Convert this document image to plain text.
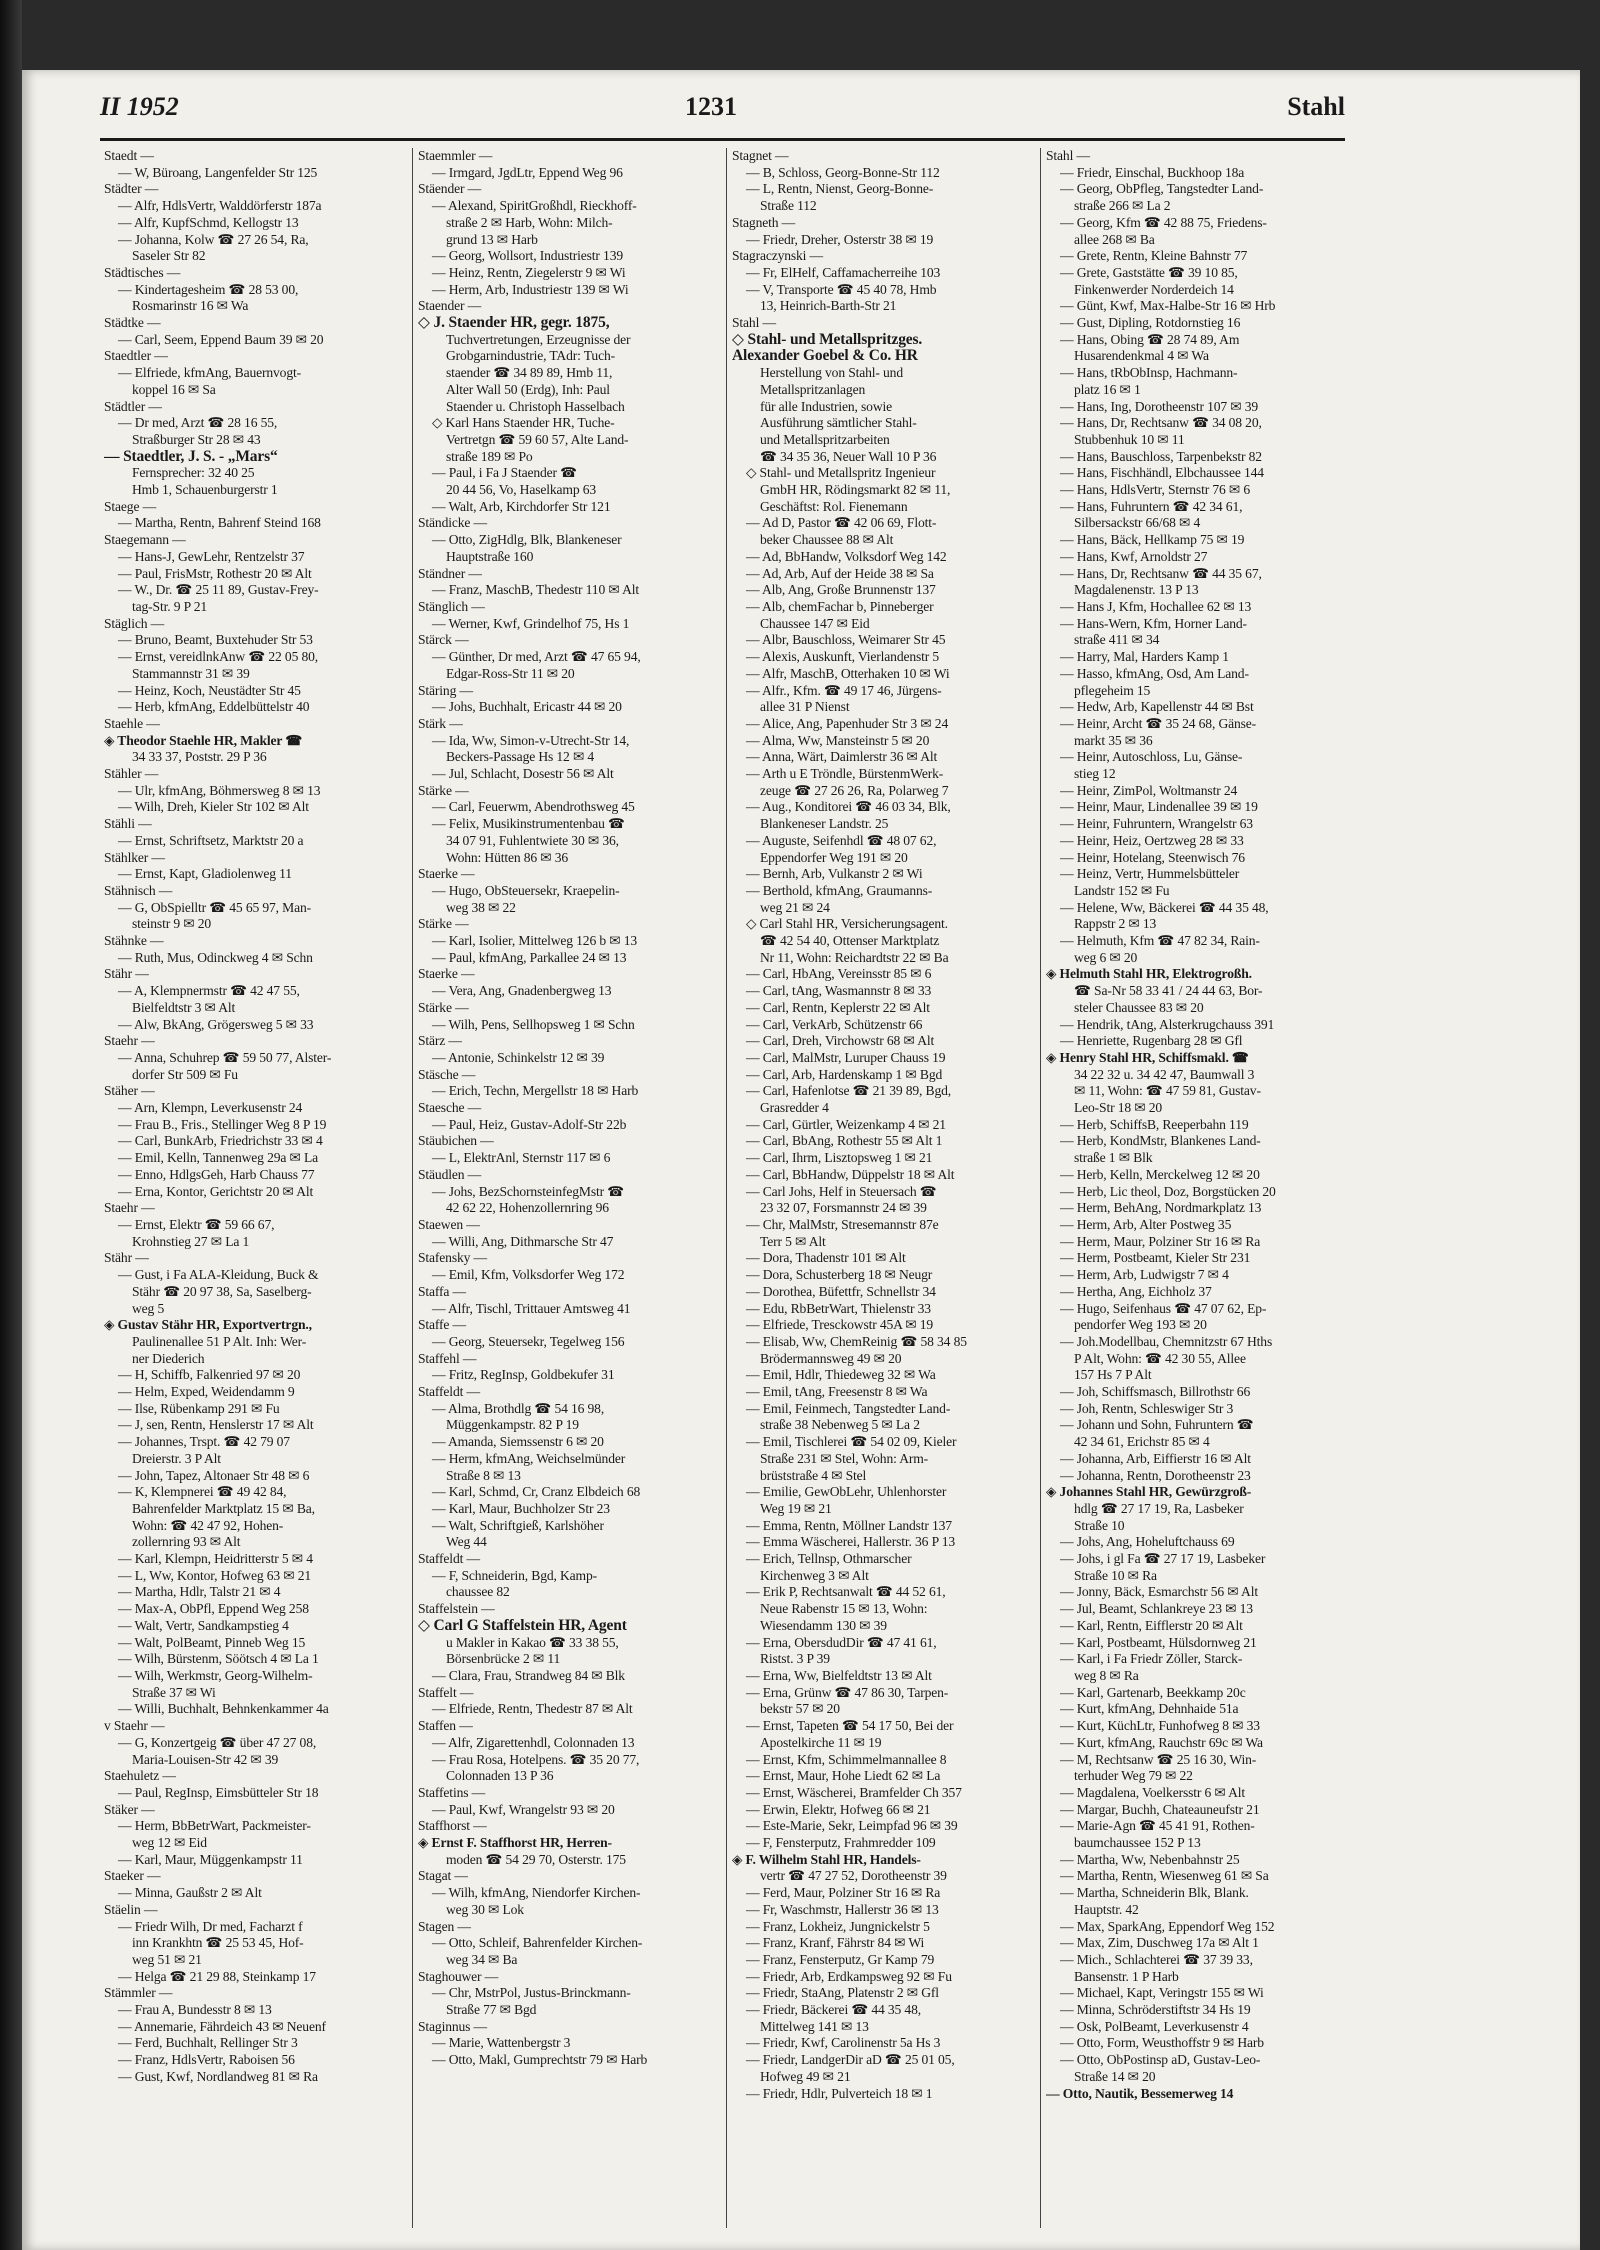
II 1952	1231	Stahl
Staedt —
— W, Büroang, Langenfelder Str 125
Städter —
— Alfr, HdlsVertr, Walddörferstr 187a
— Alfr, KupfSchmd, Kellogstr 13
— Johanna, Kolw ☎ 27 26 54, Ra,
Saseler Str 82
Städtisches —
— Kindertagesheim ☎ 28 53 00,
Rosmarinstr 16 ✉ Wa
Städtke —
— Carl, Seem, Eppend Baum 39 ✉ 20
Staedtler —
— Elfriede, kfmAng, Bauernvogt-
koppel 16 ✉ Sa
Städtler —
— Dr med, Arzt ☎ 28 16 55,
Straßburger Str 28 ✉ 43
— Staedtler, J. S. - „Mars“
Fernsprecher: 32 40 25
Hmb 1, Schauenburgerstr 1
Staege —
— Martha, Rentn, Bahrenf Steind 168
Staegemann —
— Hans-J, GewLehr, Rentzelstr 37
— Paul, FrisMstr, Rothestr 20 ✉ Alt
— W., Dr. ☎ 25 11 89, Gustav-Frey-
tag-Str. 9 P 21
Stäglich —
— Bruno, Beamt, Buxtehuder Str 53
— Ernst, vereidlnkAnw ☎ 22 05 80,
Stammannstr 31 ✉ 39
— Heinz, Koch, Neustädter Str 45
— Herb, kfmAng, Eddelbüttelstr 40
Staehle —
◈ Theodor Staehle HR, Makler ☎
34 33 37, Poststr. 29 P 36
Stähler —
— Ulr, kfmAng, Böhmersweg 8 ✉ 13
— Wilh, Dreh, Kieler Str 102 ✉ Alt
Stähli —
— Ernst, Schriftsetz, Marktstr 20 a
Stählker —
— Ernst, Kapt, Gladiolenweg 11
Stähnisch —
— G, ObSpielltr ☎ 45 65 97, Man-
steinstr 9 ✉ 20
Stähnke —
— Ruth, Mus, Odinckweg 4 ✉ Schn
Stähr —
— A, Klempnermstr ☎ 42 47 55,
Bielfeldtstr 3 ✉ Alt
— Alw, BkAng, Grögersweg 5 ✉ 33
Staehr —
— Anna, Schuhrep ☎ 59 50 77, Alster-
dorfer Str 509 ✉ Fu
Stäher —
— Arn, Klempn, Leverkusenstr 24
— Frau B., Fris., Stellinger Weg 8 P 19
— Carl, BunkArb, Friedrichstr 33 ✉ 4
— Emil, Kelln, Tannenweg 29a ✉ La
— Enno, HdlgsGeh, Harb Chauss 77
— Erna, Kontor, Gerichtstr 20 ✉ Alt
Staehr —
— Ernst, Elektr ☎ 59 66 67,
Krohnstieg 27 ✉ La 1
Stähr —
— Gust, i Fa ALA-Kleidung, Buck &
Stähr ☎ 20 97 38, Sa, Saselberg-
weg 5
◈ Gustav Stähr HR, Exportvertrgn.,
Paulinenallee 51 P Alt. Inh: Wer-
ner Diederich
— H, Schiffb, Falkenried 97 ✉ 20
— Helm, Exped, Weidendamm 9
— Ilse, Rübenkamp 291 ✉ Fu
— J, sen, Rentn, Henslerstr 17 ✉ Alt
— Johannes, Trspt. ☎ 42 79 07
Dreierstr. 3 P Alt
— John, Tapez, Altonaer Str 48 ✉ 6
— K, Klempnerei ☎ 49 42 84,
Bahrenfelder Marktplatz 15 ✉ Ba,
Wohn: ☎ 42 47 92, Hohen-
zollernring 93 ✉ Alt
— Karl, Klempn, Heidritterstr 5 ✉ 4
— L, Ww, Kontor, Hofweg 63 ✉ 21
— Martha, Hdlr, Talstr 21 ✉ 4
— Max-A, ObPfl, Eppend Weg 258
— Walt, Vertr, Sandkampstieg 4
— Walt, PolBeamt, Pinneb Weg 15
— Wilh, Bürstenm, Söötsch 4 ✉ La 1
— Wilh, Werkmstr, Georg-Wilhelm-
Straße 37 ✉ Wi
— Willi, Buchhalt, Behnkenkammer 4a
v Staehr —
— G, Konzertgeig ☎ über 47 27 08,
Maria-Louisen-Str 42 ✉ 39
Staehuletz —
— Paul, RegInsp, Eimsbütteler Str 18
Stäker —
— Herm, BbBetrWart, Packmeister-
weg 12 ✉ Eid
— Karl, Maur, Müggenkampstr 11
Staeker —
— Minna, Gaußstr 2 ✉ Alt
Stäelin —
— Friedr Wilh, Dr med, Facharzt f
inn Krankhtn ☎ 25 53 45, Hof-
weg 51 ✉ 21
— Helga ☎ 21 29 88, Steinkamp 17
Stämmler —
— Frau A, Bundesstr 8 ✉ 13
— Annemarie, Fährdeich 43 ✉ Neuenf
— Ferd, Buchhalt, Rellinger Str 3
— Franz, HdlsVertr, Raboisen 56
— Gust, Kwf, Nordlandweg 81 ✉ Ra
Staemmler —
— Irmgard, JgdLtr, Eppend Weg 96
Stäender —
— Alexand, SpiritGroßhdl, Rieckhoff-
straße 2 ✉ Harb, Wohn: Milch-
grund 13 ✉ Harb
— Georg, Wollsort, Industriestr 139
— Heinz, Rentn, Ziegelerstr 9 ✉ Wi
— Herm, Arb, Industriestr 139 ✉ Wi
Staender —
◇ J. Staender HR, gegr. 1875,
Tuchvertretungen, Erzeugnisse der
Grobgarnindustrie, TAdr: Tuch-
staender ☎ 34 89 89, Hmb 11,
Alter Wall 50 (Erdg), Inh: Paul
Staender u. Christoph Hasselbach
◇ Karl Hans Staender HR, Tuche-
Vertretgn ☎ 59 60 57, Alte Land-
straße 189 ✉ Po
— Paul, i Fa J Staender ☎
20 44 56, Vo, Haselkamp 63
— Walt, Arb, Kirchdorfer Str 121
Ständicke —
— Otto, ZigHdlg, Blk, Blankeneser
Hauptstraße 160
Ständner —
— Franz, MaschB, Thedestr 110 ✉ Alt
Stänglich —
— Werner, Kwf, Grindelhof 75, Hs 1
Stärck —
— Günther, Dr med, Arzt ☎ 47 65 94,
Edgar-Ross-Str 11 ✉ 20
Stäring —
— Johs, Buchhalt, Ericastr 44 ✉ 20
Stärk —
— Ida, Ww, Simon-v-Utrecht-Str 14,
Beckers-Passage Hs 12 ✉ 4
— Jul, Schlacht, Dosestr 56 ✉ Alt
Stärke —
— Carl, Feuerwm, Abendrothsweg 45
— Felix, Musikinstrumentenbau ☎
34 07 91, Fuhlentwiete 30 ✉ 36,
Wohn: Hütten 86 ✉ 36
Staerke —
— Hugo, ObSteuersekr, Kraepelin-
weg 38 ✉ 22
Stärke —
— Karl, Isolier, Mittelweg 126 b ✉ 13
— Paul, kfmAng, Parkallee 24 ✉ 13
Staerke —
— Vera, Ang, Gnadenbergweg 13
Stärke —
— Wilh, Pens, Sellhopsweg 1 ✉ Schn
Stärz —
— Antonie, Schinkelstr 12 ✉ 39
Stäsche —
— Erich, Techn, Mergellstr 18 ✉ Harb
Staesche —
— Paul, Heiz, Gustav-Adolf-Str 22b
Stäubichen —
— L, ElektrAnl, Sternstr 117 ✉ 6
Stäudlen —
— Johs, BezSchornsteinfegMstr ☎
42 62 22, Hohenzollernring 96
Staewen —
— Willi, Ang, Dithmarsche Str 47
Stafensky —
— Emil, Kfm, Volksdorfer Weg 172
Staffa —
— Alfr, Tischl, Trittauer Amtsweg 41
Staffe —
— Georg, Steuersekr, Tegelweg 156
Staffehl —
— Fritz, RegInsp, Goldbekufer 31
Staffeldt —
— Alma, Brothdlg ☎ 54 16 98,
Müggenkampstr. 82 P 19
— Amanda, Siemssenstr 6 ✉ 20
— Herm, kfmAng, Weichselmünder
Straße 8 ✉ 13
— Karl, Schmd, Cr, Cranz Elbdeich 68
— Karl, Maur, Buchholzer Str 23
— Walt, Schriftgieß, Karlshöher
Weg 44
Staffeldt —
— F, Schneiderin, Bgd, Kamp-
chaussee 82
Staffelstein —
◇ Carl G Staffelstein HR, Agent
u Makler in Kakao ☎ 33 38 55,
Börsenbrücke 2 ✉ 11
— Clara, Frau, Strandweg 84 ✉ Blk
Staffelt —
— Elfriede, Rentn, Thedestr 87 ✉ Alt
Staffen —
— Alfr, Zigarettenhdl, Colonnaden 13
— Frau Rosa, Hotelpens. ☎ 35 20 77,
Colonnaden 13 P 36
Staffetins —
— Paul, Kwf, Wrangelstr 93 ✉ 20
Staffhorst —
◈ Ernst F. Staffhorst HR, Herren-
moden ☎ 54 29 70, Osterstr. 175
Stagat —
— Wilh, kfmAng, Niendorfer Kirchen-
weg 30 ✉ Lok
Stagen —
— Otto, Schleif, Bahrenfelder Kirchen-
weg 34 ✉ Ba
Staghouwer —
— Chr, MstrPol, Justus-Brinckmann-
Straße 77 ✉ Bgd
Staginnus —
— Marie, Wattenbergstr 3
— Otto, Makl, Gumprechtstr 79 ✉ Harb
Stagnet —
— B, Schloss, Georg-Bonne-Str 112
— L, Rentn, Nienst, Georg-Bonne-
Straße 112
Stagneth —
— Friedr, Dreher, Osterstr 38 ✉ 19
Stagraczynski —
— Fr, ElHelf, Caffamacherreihe 103
— V, Transporte ☎ 45 40 78, Hmb
13, Heinrich-Barth-Str 21
Stahl —
◇ Stahl- und Metallspritzges.
Alexander Goebel & Co. HR
Herstellung von Stahl- und
Metallspritzanlagen
für alle Industrien, sowie
Ausführung sämtlicher Stahl-
und Metallspritzarbeiten
☎ 34 35 36, Neuer Wall 10 P 36
◇ Stahl- und Metallspritz Ingenieur
GmbH HR, Rödingsmarkt 82 ✉ 11,
Geschäftst: Rol. Fienemann
— Ad D, Pastor ☎ 42 06 69, Flott-
beker Chaussee 88 ✉ Alt
— Ad, BbHandw, Volksdorf Weg 142
— Ad, Arb, Auf der Heide 38 ✉ Sa
— Alb, Ang, Große Brunnenstr 137
— Alb, chemFachar b, Pinneberger
Chaussee 147 ✉ Eid
— Albr, Bauschloss, Weimarer Str 45
— Alexis, Auskunft, Vierlandenstr 5
— Alfr, MaschB, Otterhaken 10 ✉ Wi
— Alfr., Kfm. ☎ 49 17 46, Jürgens-
allee 31 P Nienst
— Alice, Ang, Papenhuder Str 3 ✉ 24
— Alma, Ww, Mansteinstr 5 ✉ 20
— Anna, Wärt, Daimlerstr 36 ✉ Alt
— Arth u E Tröndle, BürstenmWerk-
zeuge ☎ 27 26 26, Ra, Polarweg 7
— Aug., Konditorei ☎ 46 03 34, Blk,
Blankeneser Landstr. 25
— Auguste, Seifenhdl ☎ 48 07 62,
Eppendorfer Weg 191 ✉ 20
— Bernh, Arb, Vulkanstr 2 ✉ Wi
— Berthold, kfmAng, Graumanns-
weg 21 ✉ 24
◇ Carl Stahl HR, Versicherungsagent.
☎ 42 54 40, Ottenser Marktplatz
Nr 11, Wohn: Reichardtstr 22 ✉ Ba
— Carl, HbAng, Vereinsstr 85 ✉ 6
— Carl, tAng, Wasmannstr 8 ✉ 33
— Carl, Rentn, Keplerstr 22 ✉ Alt
— Carl, VerkArb, Schützenstr 66
— Carl, Dreh, Virchowstr 68 ✉ Alt
— Carl, MalMstr, Luruper Chauss 19
— Carl, Arb, Hardenskamp 1 ✉ Bgd
— Carl, Hafenlotse ☎ 21 39 89, Bgd,
Grasredder 4
— Carl, Gürtler, Weizenkamp 4 ✉ 21
— Carl, BbAng, Rothestr 55 ✉ Alt 1
— Carl, Ihrm, Lisztopsweg 1 ✉ 21
— Carl, BbHandw, Düppelstr 18 ✉ Alt
— Carl Johs, Helf in Steuersach ☎
23 32 07, Forsmannstr 24 ✉ 39
— Chr, MalMstr, Stresemannstr 87e
Terr 5 ✉ Alt
— Dora, Thadenstr 101 ✉ Alt
— Dora, Schusterberg 18 ✉ Neugr
— Dorothea, Büfettfr, Schnellstr 34
— Edu, RbBetrWart, Thielenstr 33
— Elfriede, Tresckowstr 45A ✉ 19
— Elisab, Ww, ChemReinig ☎ 58 34 85
Brödermannsweg 49 ✉ 20
— Emil, Hdlr, Thiedeweg 32 ✉ Wa
— Emil, tAng, Freesenstr 8 ✉ Wa
— Emil, Feinmech, Tangstedter Land-
straße 38 Nebenweg 5 ✉ La 2
— Emil, Tischlerei ☎ 54 02 09, Kieler
Straße 231 ✉ Stel, Wohn: Arm-
brüststraße 4 ✉ Stel
— Emilie, GewObLehr, Uhlenhorster
Weg 19 ✉ 21
— Emma, Rentn, Möllner Landstr 137
— Emma Wäscherei, Hallerstr. 36 P 13
— Erich, Tellnsp, Othmarscher
Kirchenweg 3 ✉ Alt
— Erik P, Rechtsanwalt ☎ 44 52 61,
Neue Rabenstr 15 ✉ 13, Wohn:
Wiesendamm 130 ✉ 39
— Erna, ObersdudDir ☎ 47 41 61,
Ristst. 3 P 39
— Erna, Ww, Bielfeldtstr 13 ✉ Alt
— Erna, Grünw ☎ 47 86 30, Tarpen-
bekstr 57 ✉ 20
— Ernst, Tapeten ☎ 54 17 50, Bei der
Apostelkirche 11 ✉ 19
— Ernst, Kfm, Schimmelmannallee 8
— Ernst, Maur, Hohe Liedt 62 ✉ La
— Ernst, Wäscherei, Bramfelder Ch 357
— Erwin, Elektr, Hofweg 66 ✉ 21
— Este-Marie, Sekr, Leimpfad 96 ✉ 39
— F, Fensterputz, Frahmredder 109
◈ F. Wilhelm Stahl HR, Handels-
vertr ☎ 47 27 52, Dorotheenstr 39
— Ferd, Maur, Polziner Str 16 ✉ Ra
— Fr, Waschmstr, Hallerstr 36 ✉ 13
— Franz, Lokheiz, Jungnickelstr 5
— Franz, Kranf, Fährstr 84 ✉ Wi
— Franz, Fensterputz, Gr Kamp 79
— Friedr, Arb, Erdkampsweg 92 ✉ Fu
— Friedr, StaAng, Platenstr 2 ✉ Gfl
— Friedr, Bäckerei ☎ 44 35 48,
Mittelweg 141 ✉ 13
— Friedr, Kwf, Carolinenstr 5a Hs 3
— Friedr, LandgerDir aD ☎ 25 01 05,
Hofweg 49 ✉ 21
— Friedr, Hdlr, Pulverteich 18 ✉ 1
Stahl —
— Friedr, Einschal, Buckhoop 18a
— Georg, ObPfleg, Tangstedter Land-
straße 266 ✉ La 2
— Georg, Kfm ☎ 42 88 75, Friedens-
allee 268 ✉ Ba
— Grete, Rentn, Kleine Bahnstr 77
— Grete, Gaststätte ☎ 39 10 85,
Finkenwerder Norderdeich 14
— Günt, Kwf, Max-Halbe-Str 16 ✉ Hrb
— Gust, Dipling, Rotdornstieg 16
— Hans, Obing ☎ 28 74 89, Am
Husarendenkmal 4 ✉ Wa
— Hans, tRbObInsp, Hachmann-
platz 16 ✉ 1
— Hans, Ing, Dorotheenstr 107 ✉ 39
— Hans, Dr, Rechtsanw ☎ 34 08 20,
Stubbenhuk 10 ✉ 11
— Hans, Bauschloss, Tarpenbekstr 82
— Hans, Fischhändl, Elbchaussee 144
— Hans, HdlsVertr, Sternstr 76 ✉ 6
— Hans, Fuhruntern ☎ 42 34 61,
Silbersackstr 66/68 ✉ 4
— Hans, Bäck, Hellkamp 75 ✉ 19
— Hans, Kwf, Arnoldstr 27
— Hans, Dr, Rechtsanw ☎ 44 35 67,
Magdalenenstr. 13 P 13
— Hans J, Kfm, Hochallee 62 ✉ 13
— Hans-Wern, Kfm, Horner Land-
straße 411 ✉ 34
— Harry, Mal, Harders Kamp 1
— Hasso, kfmAng, Osd, Am Land-
pflegeheim 15
— Hedw, Arb, Kapellenstr 44 ✉ Bst
— Heinr, Archt ☎ 35 24 68, Gänse-
markt 35 ✉ 36
— Heinr, Autoschloss, Lu, Gänse-
stieg 12
— Heinr, ZimPol, Woltmanstr 24
— Heinr, Maur, Lindenallee 39 ✉ 19
— Heinr, Fuhruntern, Wrangelstr 63
— Heinr, Heiz, Oertzweg 28 ✉ 33
— Heinr, Hotelang, Steenwisch 76
— Heinz, Vertr, Hummelsbütteler
Landstr 152 ✉ Fu
— Helene, Ww, Bäckerei ☎ 44 35 48,
Rappstr 2 ✉ 13
— Helmuth, Kfm ☎ 47 82 34, Rain-
weg 6 ✉ 20
◈ Helmuth Stahl HR, Elektrogroßh.
☎ Sa-Nr 58 33 41 / 24 44 63, Bor-
steler Chaussee 83 ✉ 20
— Hendrik, tAng, Alsterkrugchauss 391
— Henriette, Rugenbarg 28 ✉ Gfl
◈ Henry Stahl HR, Schiffsmakl. ☎
34 22 32 u. 34 42 47, Baumwall 3
✉ 11, Wohn: ☎ 47 59 81, Gustav-
Leo-Str 18 ✉ 20
— Herb, SchiffsB, Reeperbahn 119
— Herb, KondMstr, Blankenes Land-
straße 1 ✉ Blk
— Herb, Kelln, Merckelweg 12 ✉ 20
— Herb, Lic theol, Doz, Borgstücken 20
— Herm, BehAng, Nordmarkplatz 13
— Herm, Arb, Alter Postweg 35
— Herm, Maur, Polziner Str 16 ✉ Ra
— Herm, Postbeamt, Kieler Str 231
— Herm, Arb, Ludwigstr 7 ✉ 4
— Hertha, Ang, Eichholz 37
— Hugo, Seifenhaus ☎ 47 07 62, Ep-
pendorfer Weg 193 ✉ 20
— Joh.Modellbau, Chemnitzstr 67 Hths
P Alt, Wohn: ☎ 42 30 55, Allee
157 Hs 7 P Alt
— Joh, Schiffsmasch, Billrothstr 66
— Joh, Rentn, Schleswiger Str 3
— Johann und Sohn, Fuhruntern ☎
42 34 61, Erichstr 85 ✉ 4
— Johanna, Arb, Eiffierstr 16 ✉ Alt
— Johanna, Rentn, Dorotheenstr 23
◈ Johannes Stahl HR, Gewürzgroß-
hdlg ☎ 27 17 19, Ra, Lasbeker
Straße 10
— Johs, Ang, Hoheluftchauss 69
— Johs, i gl Fa ☎ 27 17 19, Lasbeker
Straße 10 ✉ Ra
— Jonny, Bäck, Esmarchstr 56 ✉ Alt
— Jul, Beamt, Schlankreye 23 ✉ 13
— Karl, Rentn, Eifflerstr 20 ✉ Alt
— Karl, Postbeamt, Hülsdornweg 21
— Karl, i Fa Friedr Zöller, Starck-
weg 8 ✉ Ra
— Karl, Gartenarb, Beekkamp 20c
— Kurt, kfmAng, Dehnhaide 51a
— Kurt, KüchLtr, Funhofweg 8 ✉ 33
— Kurt, kfmAng, Rauchstr 69c ✉ Wa
— M, Rechtsanw ☎ 25 16 30, Win-
terhuder Weg 79 ✉ 22
— Magdalena, Voelkersstr 6 ✉ Alt
— Margar, Buchh, Chateauneufstr 21
— Marie-Agn ☎ 45 41 91, Rothen-
baumchaussee 152 P 13
— Martha, Ww, Nebenbahnstr 25
— Martha, Rentn, Wiesenweg 61 ✉ Sa
— Martha, Schneiderin Blk, Blank.
Hauptstr. 42
— Max, SparkAng, Eppendorf Weg 152
— Max, Zim, Duschweg 17a ✉ Alt 1
— Mich., Schlachterei ☎ 37 39 33,
Bansenstr. 1 P Harb
— Michael, Kapt, Veringstr 155 ✉ Wi
— Minna, Schröderstiftstr 34 Hs 19
— Osk, PolBeamt, Leverkusenstr 4
— Otto, Form, Weusthoffstr 9 ✉ Harb
— Otto, ObPostinsp aD, Gustav-Leo-
Straße 14 ✉ 20
— Otto, Nautik, Bessemerweg 14
